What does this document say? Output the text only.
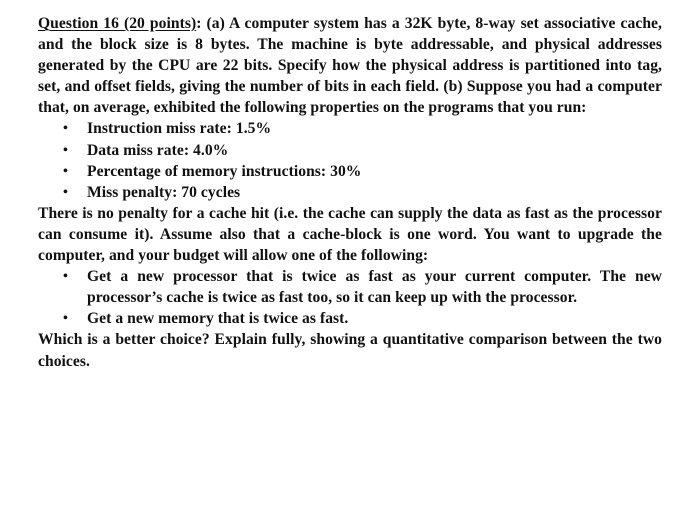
Question 16 (20 points): (a) A computer system has a 32K byte, 8-way set associative cache, and the block size is 8 bytes. The machine is byte addressable, and physical addresses generated by the CPU are 22 bits. Specify how the physical address is partitioned into tag, set, and offset fields, giving the number of bits in each field. (b) Suppose you had a computer that, on average, exhibited the following properties on the programs that you run:

• Instruction miss rate: 1.5%
• Data miss rate: 4.0%
• Percentage of memory instructions: 30%
• Miss penalty: 70 cycles

There is no penalty for a cache hit (i.e. the cache can supply the data as fast as the processor can consume it). Assume also that a cache-block is one word. You want to upgrade the computer, and your budget will allow one of the following:

• Get a new processor that is twice as fast as your current computer. The new processor’s cache is twice as fast too, so it can keep up with the processor.
• Get a new memory that is twice as fast.

Which is a better choice? Explain fully, showing a quantitative comparison between the two choices.
